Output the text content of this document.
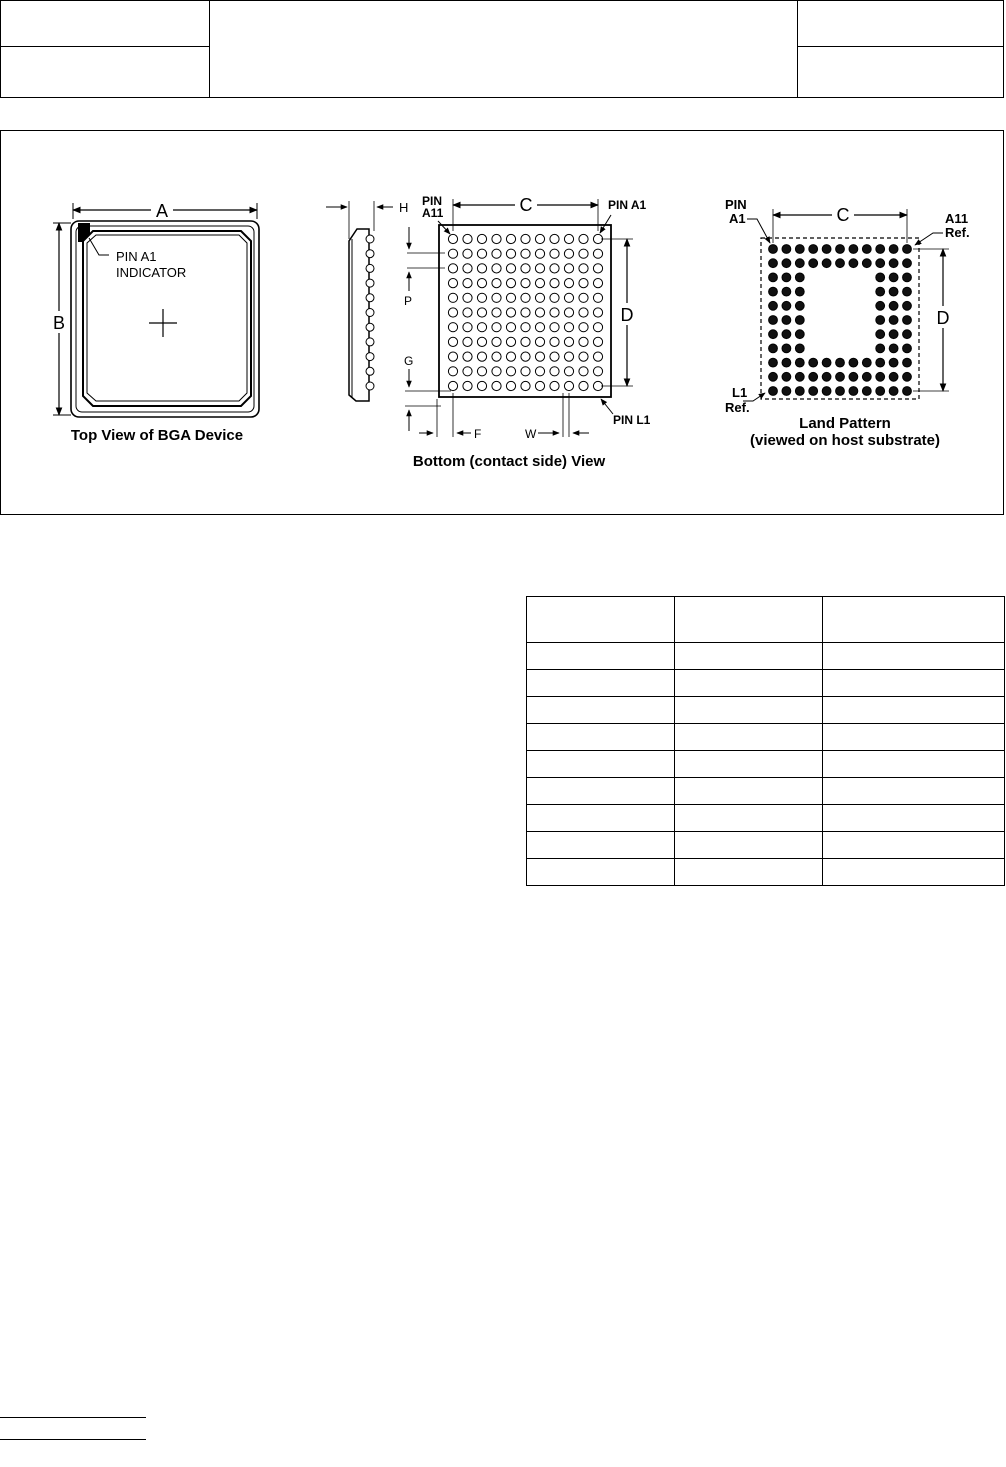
A
B
PIN A1
INDICATOR
Top View of BGA Device
H	C
D
P
G
F	W
PIN
A11
PIN A1
PIN L1
Bottom (contact side) View
C
D
PIN
A1	A11
Ref.
L1
Ref.
Land Pattern
(viewed on host substrate)
